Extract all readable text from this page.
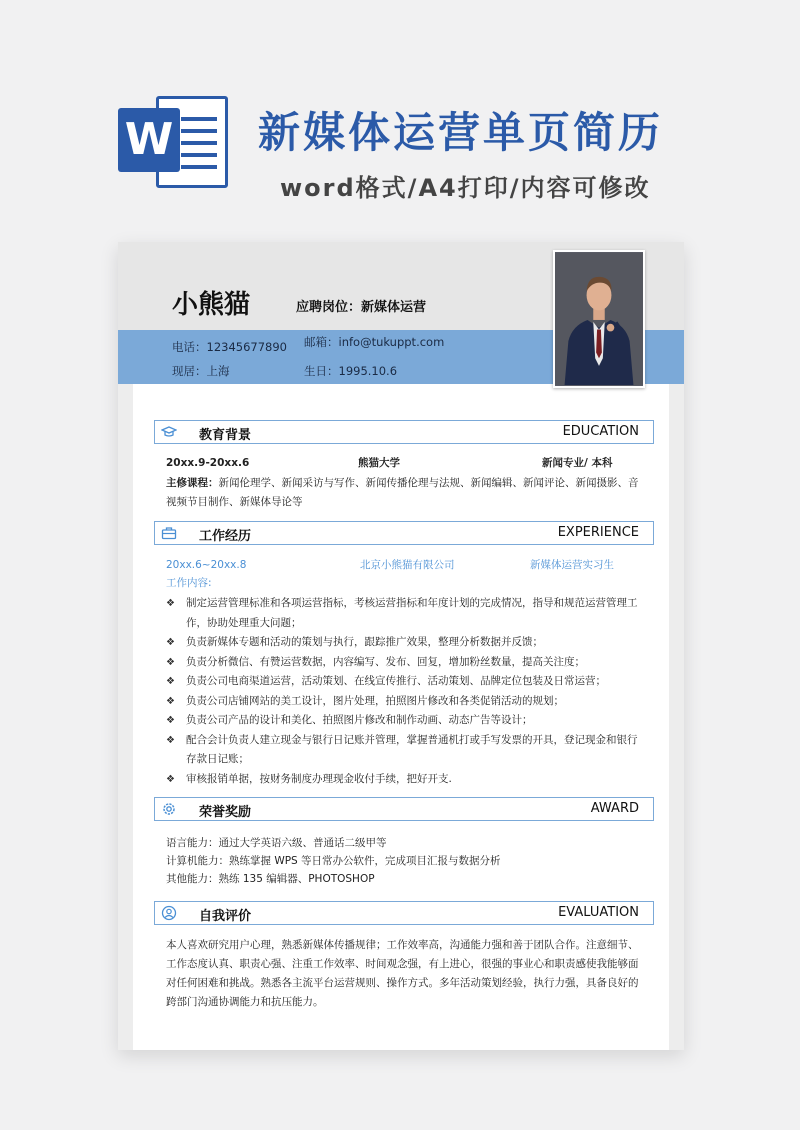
W 新媒体运营单页简历
word格式/A4打印/内容可修改
小熊猫	应聘岗位：新媒体运营
电话：12345677890 邮箱：info@tukuppt.com
现居：上海	生日：1995.10.6
教育背景	EDUCATION
20xx.9-20xx.6	熊猫大学	新闻专业/ 本科
主修课程：新闻伦理学、新闻采访与写作、新闻传播伦理与法规、新闻编辑、新闻评论、新闻摄影、音视频节目制作、新媒体导论等
工作经历	EXPERIENCE
20xx.6~20xx.8	北京小熊猫有限公司	新媒体运营实习生
工作内容:
❖ 制定运营管理标准和各项运营指标，考核运营指标和年度计划的完成情况，指导和规范运营管理工作，协助处理重大问题；
❖ 负责新媒体专题和活动的策划与执行，跟踪推广效果，整理分析数据并反馈；
❖ 负责分析微信、有赞运营数据，内容编写、发布、回复，增加粉丝数量，提高关注度；
❖ 负责公司电商渠道运营，活动策划、在线宣传推行、活动策划、品牌定位包装及日常运营；
❖ 负责公司店铺网站的美工设计，图片处理，拍照图片修改和各类促销活动的规划；
❖ 负责公司产品的设计和美化、拍照图片修改和制作动画、动态广告等设计；
❖ 配合会计负责人建立现金与银行日记账并管理，掌握普通机打或手写发票的开具，登记现金和银行存款日记账；
❖ 审核报销单据，按财务制度办理现金收付手续，把好开支.
荣誉奖励	AWARD
语言能力：通过大学英语六级、普通话二级甲等
计算机能力：熟练掌握 WPS 等日常办公软件，完成项目汇报与数据分析
其他能力：熟练 135 编辑器、PHOTOSHOP
自我评价	EVALUATION
本人喜欢研究用户心理，熟悉新媒体传播规律；工作效率高，沟通能力强和善于团队合作。注意细节、工作态度认真、职责心强、注重工作效率、时间观念强，有上进心，很强的事业心和职责感使我能够面对任何困难和挑战。熟悉各主流平台运营规则、操作方式。多年活动策划经验，执行力强，具备良好的跨部门沟通协调能力和抗压能力。
